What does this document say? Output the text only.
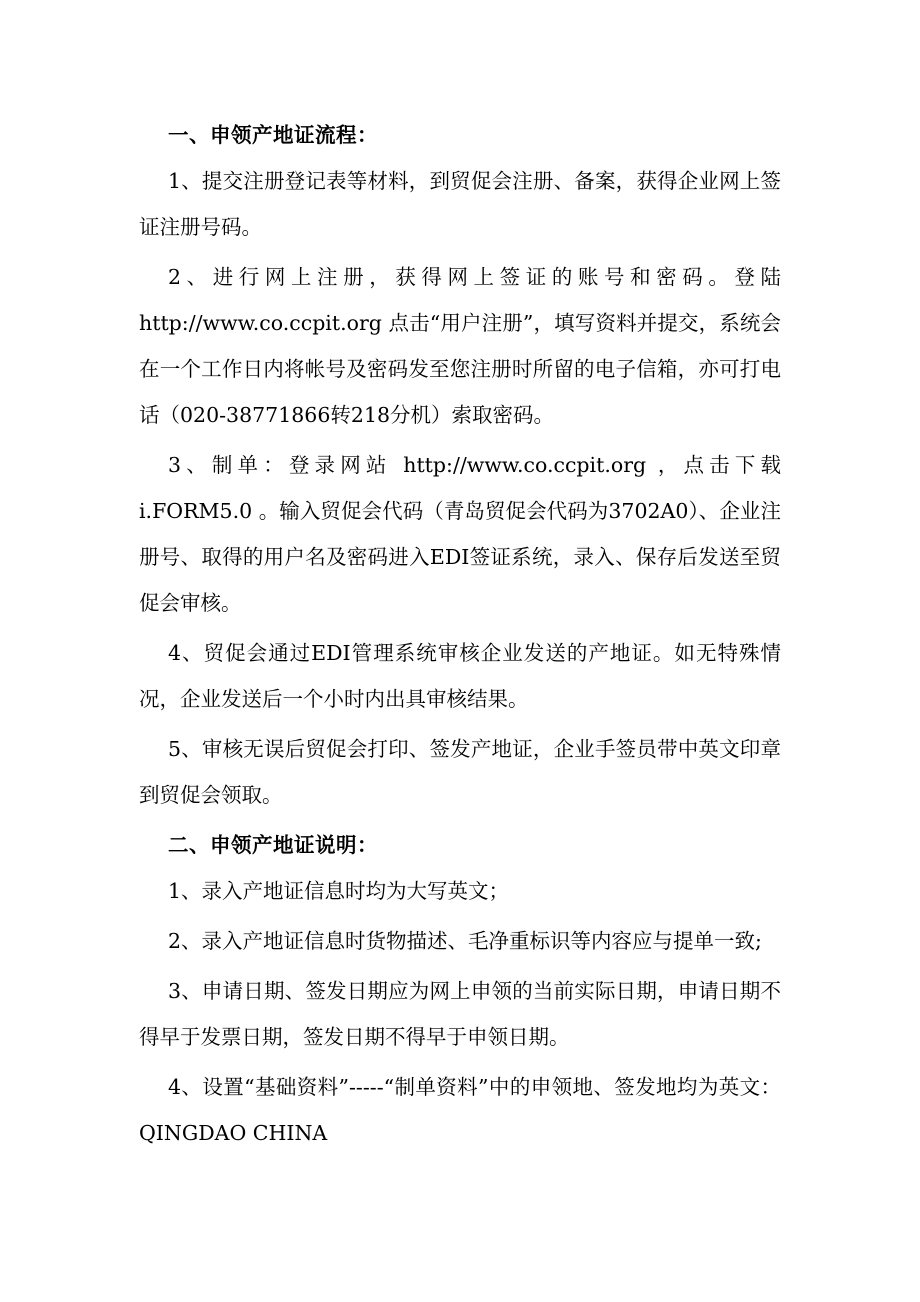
一、申领产地证流程：

1、提交注册登记表等材料，到贸促会注册、备案，获得企业网上签证注册号码。

2、进行网上注册，获得网上签证的账号和密码。登陆http://www.co.ccpit.org 点击“用户注册”，填写资料并提交，系统会在一个工作日内将帐号及密码发至您注册时所留的电子信箱，亦可打电话（020-38771866转218分机）索取密码。

3、制单：登录网站 http://www.co.ccpit.org ，点击下载 i.FORM5.0 。输入贸促会代码（青岛贸促会代码为3702A0）、企业注册号、取得的用户名及密码进入EDI签证系统，录入、保存后发送至贸促会审核。

4、贸促会通过EDI管理系统审核企业发送的产地证。如无特殊情况，企业发送后一个小时内出具审核结果。

5、审核无误后贸促会打印、签发产地证，企业手签员带中英文印章到贸促会领取。

二、申领产地证说明：

1、录入产地证信息时均为大写英文；

2、录入产地证信息时货物描述、毛净重标识等内容应与提单一致;

3、申请日期、签发日期应为网上申领的当前实际日期，申请日期不得早于发票日期，签发日期不得早于申领日期。

4、设置“基础资料”-----“制单资料”中的申领地、签发地均为英文：QINGDAO CHINA
